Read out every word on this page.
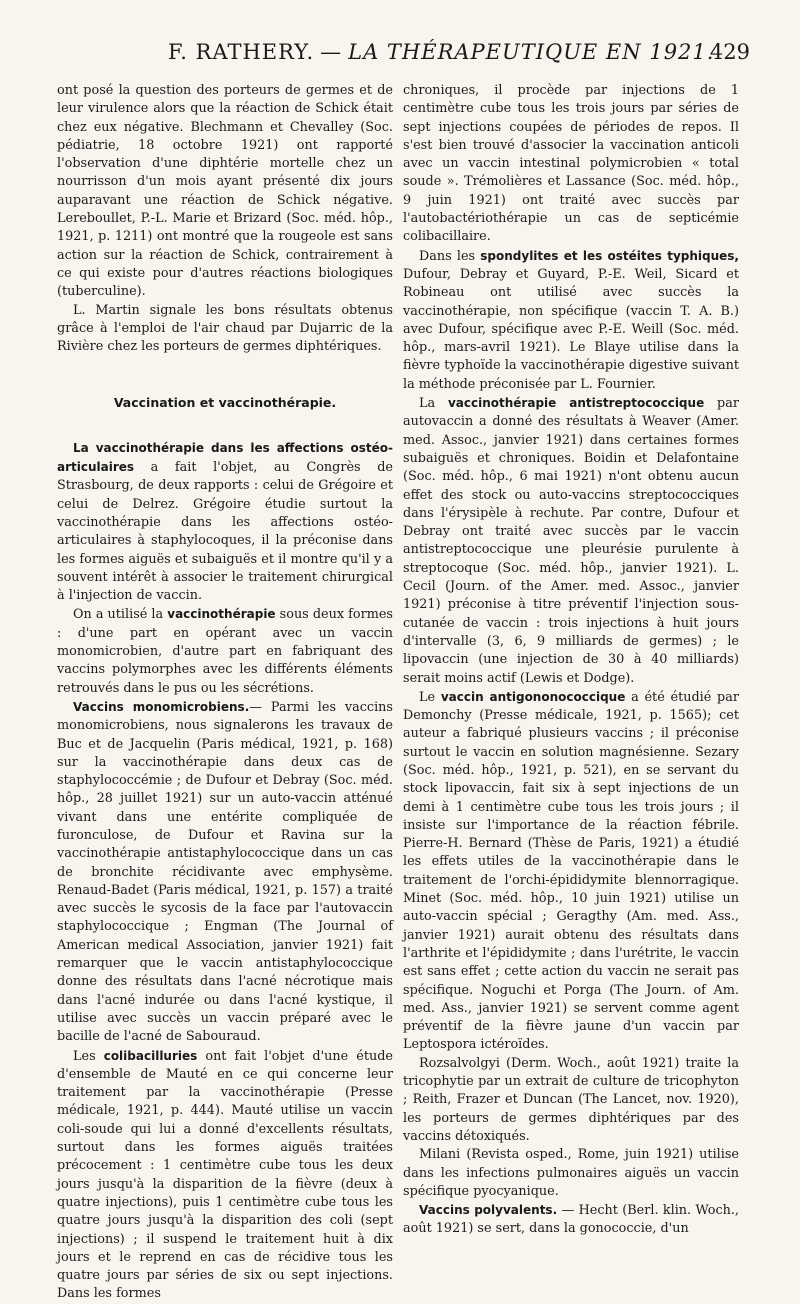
F. RATHERY. — LA THÉRAPEUTIQUE EN 1921.
429

ont posé la question des porteurs de germes et de leur virulence alors que la réaction de Schick était chez eux négative. Blechmann et Chevalley (Soc. pédiatrie, 18 octobre 1921) ont rapporté l'observation d'une diphtérie mortelle chez un nourrisson d'un mois ayant présenté dix jours auparavant une réaction de Schick négative. Lereboullet, P.-L. Marie et Brizard (Soc. méd. hôp., 1921, p. 1211) ont montré que la rougeole est sans action sur la réaction de Schick, contrairement à ce qui existe pour d'autres réactions biologiques (tuberculine).

L. Martin signale les bons résultats obtenus grâce à l'emploi de l'air chaud par Dujarric de la Rivière chez les porteurs de germes diphtériques.

Vaccination et vaccinothérapie.

La vaccinothérapie dans les affections ostéo-articulaires a fait l'objet, au Congrès de Strasbourg, de deux rapports : celui de Grégoire et celui de Delrez. Grégoire étudie surtout la vaccinothérapie dans les affections ostéo-articulaires à staphylocoques, il la préconise dans les formes aiguës et subaiguës et il montre qu'il y a souvent intérêt à associer le traitement chirurgical à l'injection de vaccin.

On a utilisé la vaccinothérapie sous deux formes : d'une part en opérant avec un vaccin monomicrobien, d'autre part en fabriquant des vaccins polymorphes avec les différents éléments retrouvés dans le pus ou les sécrétions.

Vaccins monomicrobiens.— Parmi les vaccins monomicrobiens, nous signalerons les travaux de Buc et de Jacquelin (Paris médical, 1921, p. 168) sur la vaccinothérapie dans deux cas de staphylococcémie ; de Dufour et Debray (Soc. méd. hôp., 28 juillet 1921) sur un auto-vaccin atténué vivant dans une entérite compliquée de furonculose, de Dufour et Ravina sur la vaccinothérapie antistaphylococcique dans un cas de bronchite récidivante avec emphysème. Renaud-Badet (Paris médical, 1921, p. 157) a traité avec succès le sycosis de la face par l'autovaccin staphylococcique ; Engman (The Journal of American medical Association, janvier 1921) fait remarquer que le vaccin antistaphylococcique donne des résultats dans l'acné nécrotique mais dans l'acné indurée ou dans l'acné kystique, il utilise avec succès un vaccin préparé avec le bacille de l'acné de Sabouraud.

Les colibacilluries ont fait l'objet d'une étude d'ensemble de Mauté en ce qui concerne leur traitement par la vaccinothérapie (Presse médicale, 1921, p. 444). Mauté utilise un vaccin coli-soude qui lui a donné d'excellents résultats, surtout dans les formes aiguës traitées précocement : 1 centimètre cube tous les deux jours jusqu'à la disparition de la fièvre (deux à quatre injections), puis 1 centimètre cube tous les quatre jours jusqu'à la disparition des coli (sept injections) ; il suspend le traitement huit à dix jours et le reprend en cas de récidive tous les quatre jours par séries de six ou sept injections. Dans les formes

chroniques, il procède par injections de 1 centimètre cube tous les trois jours par séries de sept injections coupées de périodes de repos. Il s'est bien trouvé d'associer la vaccination anticoli avec un vaccin intestinal polymicrobien « total soude ». Trémolières et Lassance (Soc. méd. hôp., 9 juin 1921) ont traité avec succès par l'autobactériothérapie un cas de septicémie colibacillaire.

Dans les spondylites et les ostéites typhiques, Dufour, Debray et Guyard, P.-E. Weil, Sicard et Robineau ont utilisé avec succès la vaccinothérapie, non spécifique (vaccin T. A. B.) avec Dufour, spécifique avec P.-E. Weill (Soc. méd. hôp., mars-avril 1921). Le Blaye utilise dans la fièvre typhoïde la vaccinothérapie digestive suivant la méthode préconisée par L. Fournier.

La vaccinothérapie antistreptococcique par autovaccin a donné des résultats à Weaver (Amer. med. Assoc., janvier 1921) dans certaines formes subaiguës et chroniques. Boidin et Delafontaine (Soc. méd. hôp., 6 mai 1921) n'ont obtenu aucun effet des stock ou auto-vaccins streptococciques dans l'érysipèle à rechute. Par contre, Dufour et Debray ont traité avec succès par le vaccin antistreptococcique une pleurésie purulente à streptocoque (Soc. méd. hôp., janvier 1921). L. Cecil (Journ. of the Amer. med. Assoc., janvier 1921) préconise à titre préventif l'injection sous-cutanée de vaccin : trois injections à huit jours d'intervalle (3, 6, 9 milliards de germes) ; le lipovaccin (une injection de 30 à 40 milliards) serait moins actif (Lewis et Dodge).

Le vaccin antigononococcique a été étudié par Demonchy (Presse médicale, 1921, p. 1565); cet auteur a fabriqué plusieurs vaccins ; il préconise surtout le vaccin en solution magnésienne. Sezary (Soc. méd. hôp., 1921, p. 521), en se servant du stock lipovaccin, fait six à sept injections de un demi à 1 centimètre cube tous les trois jours ; il insiste sur l'importance de la réaction fébrile. Pierre-H. Bernard (Thèse de Paris, 1921) a étudié les effets utiles de la vaccinothérapie dans le traitement de l'orchi-épididymite blennorragique. Minet (Soc. méd. hôp., 10 juin 1921) utilise un auto-vaccin spécial ; Geragthy (Am. med. Ass., janvier 1921) aurait obtenu des résultats dans l'arthrite et l'épididymite ; dans l'urétrite, le vaccin est sans effet ; cette action du vaccin ne serait pas spécifique. Noguchi et Porga (The Journ. of Am. med. Ass., janvier 1921) se servent comme agent préventif de la fièvre jaune d'un vaccin par Leptospora ictéroïdes.

Rozsalvolgyi (Derm. Woch., août 1921) traite la tricophytie par un extrait de culture de tricophyton ; Reith, Frazer et Duncan (The Lancet, nov. 1920), les porteurs de germes diphtériques par des vaccins détoxiqués.

Milani (Revista osped., Rome, juin 1921) utilise dans les infections pulmonaires aiguës un vaccin spécifique pyocyanique.

Vaccins polyvalents. — Hecht (Berl. klin. Woch., août 1921) se sert, dans la gonococcie, d'un
